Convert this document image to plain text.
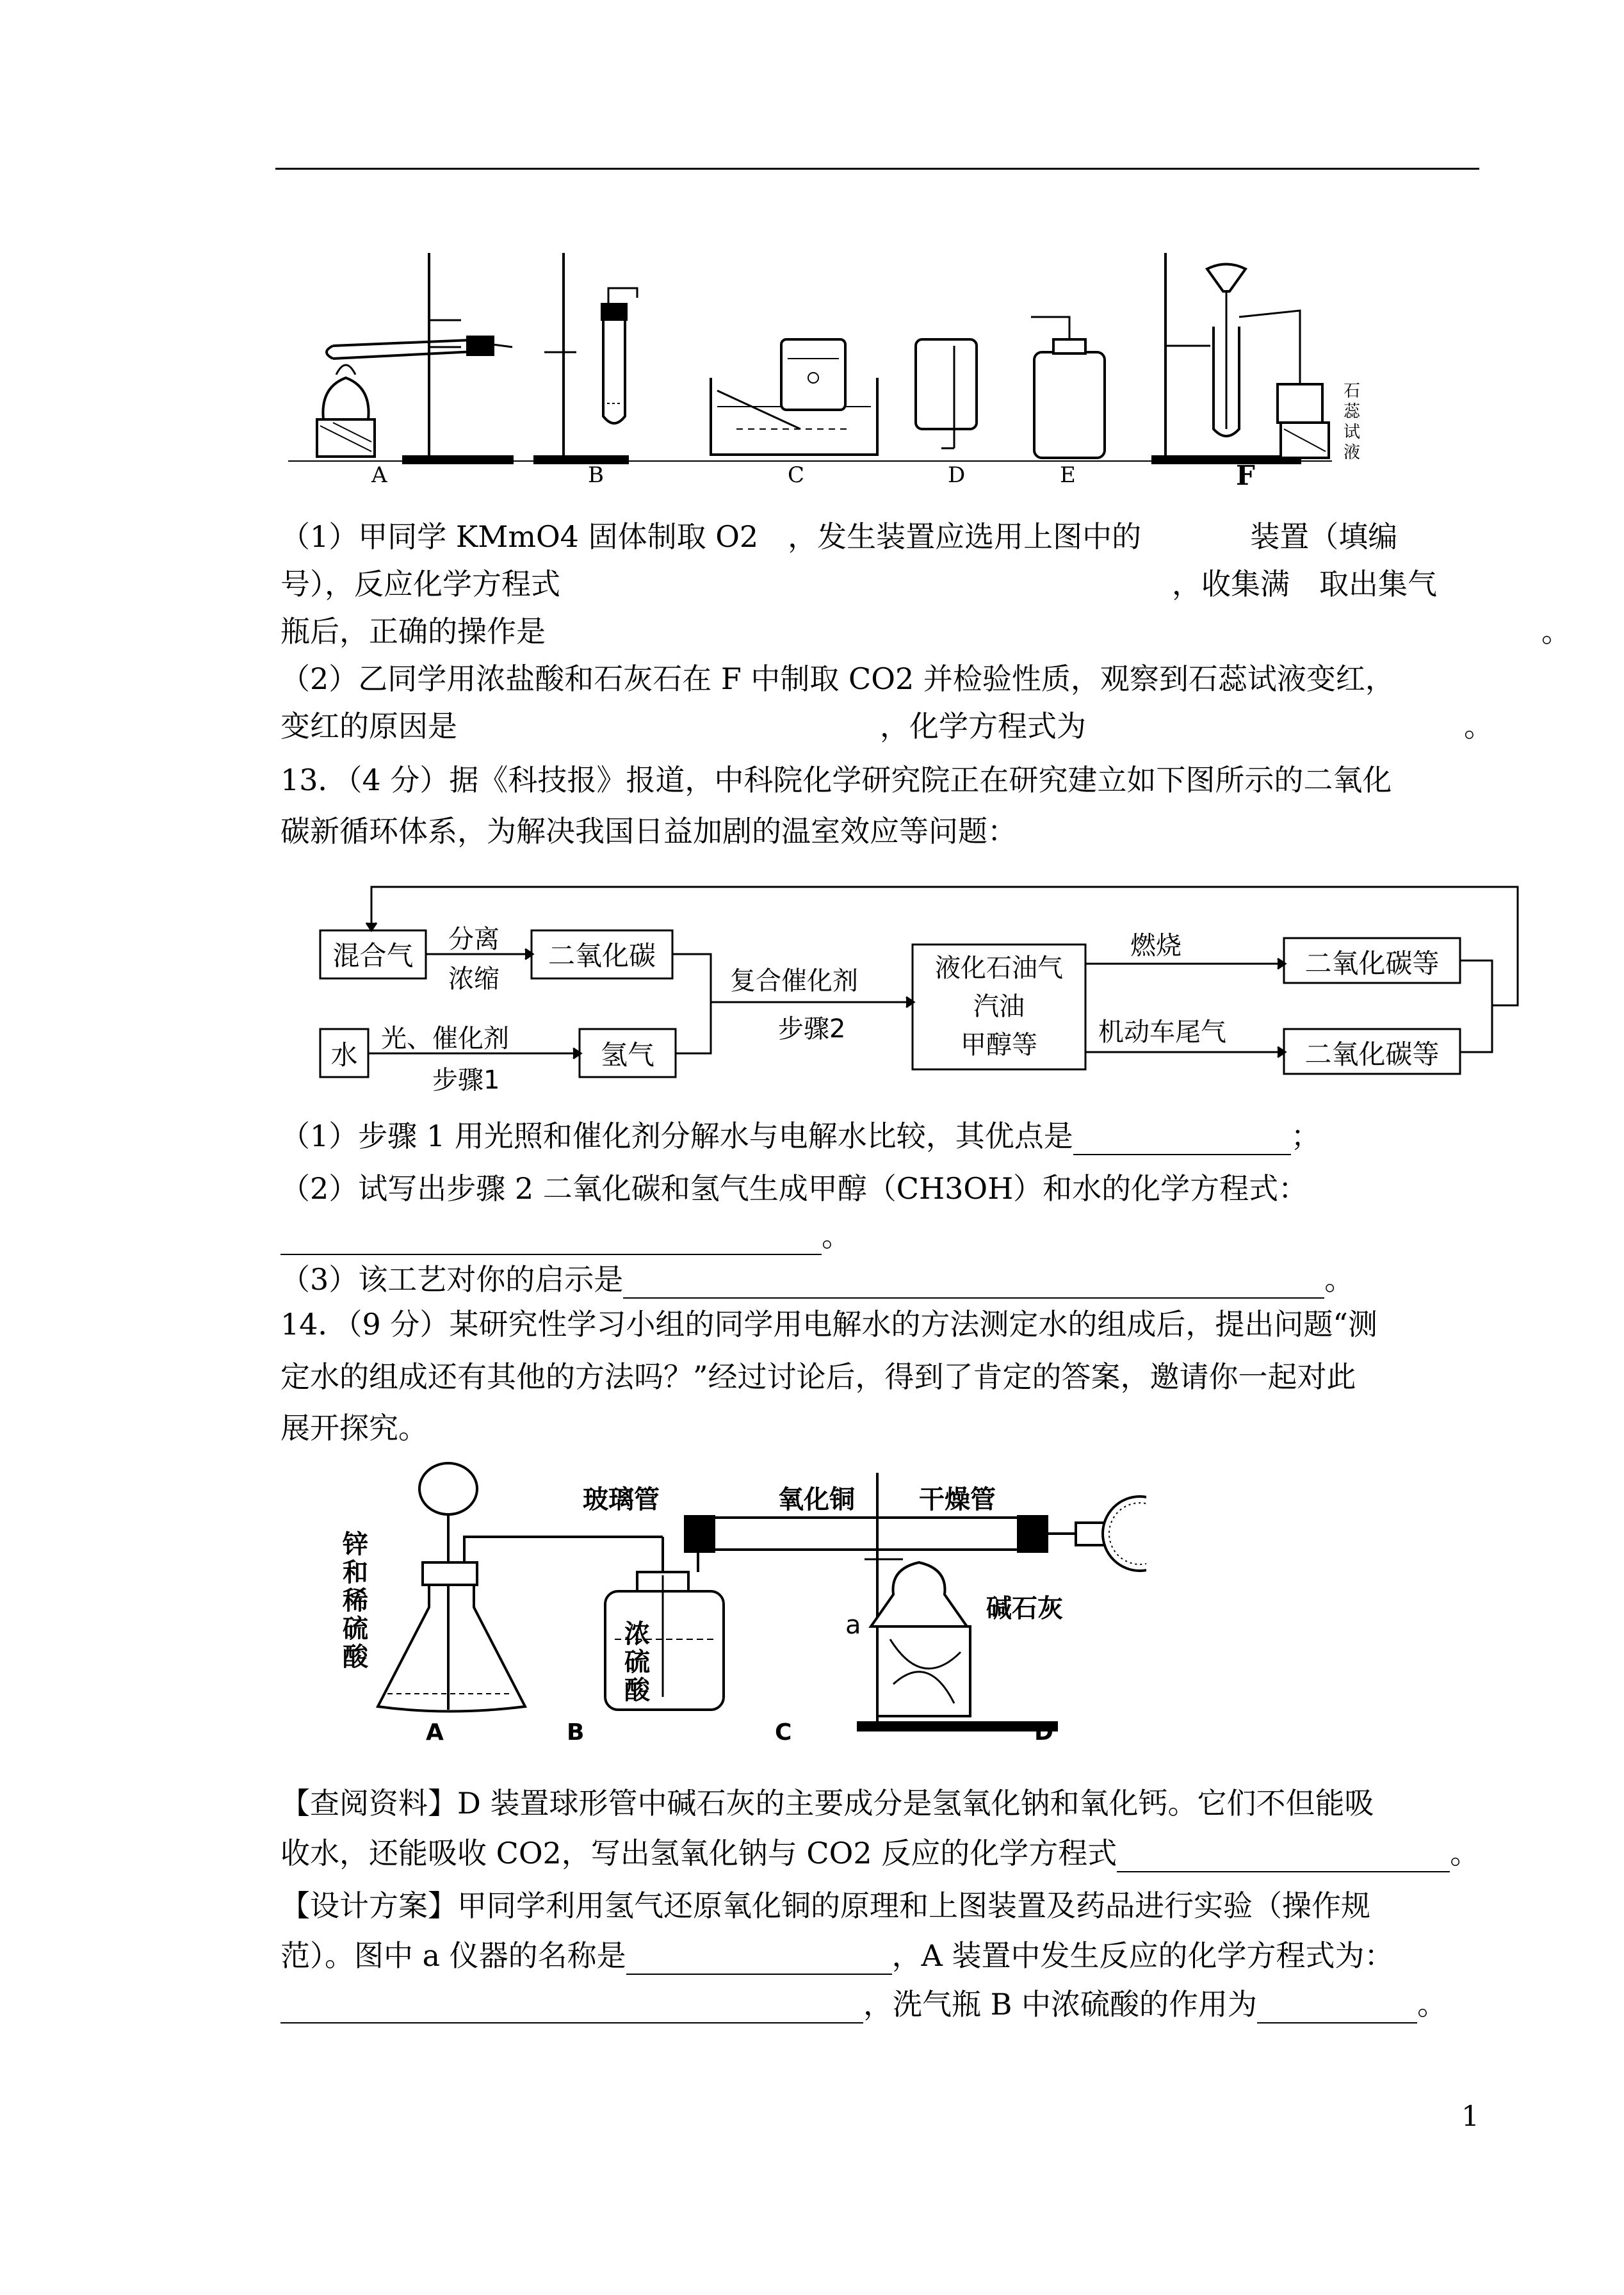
石蕊试液
A	B	C	D	E	F
（1）甲同学 KMmO4 固体制取 O2　，发生装置应选用上图中的	装置（填编
号），反应化学方程式	，收集满　取出集气
瓶后，正确的操作是	。
（2）乙同学用浓盐酸和石灰石在 F 中制取 CO2 并检验性质，观察到石蕊试液变红，
变红的原因是	，化学方程式为	。
13．（4 分）据《科技报》报道，中科院化学研究院正在研究建立如下图所示的二氧化
碳新循环体系，为解决我国日益加剧的温室效应等问题：
混合气
分离
浓缩
二氧化碳
水
光、催化剂
步骤1
氢气
复合催化剂
步骤2
液化石油气
汽油
甲醇等
燃烧
机动车尾气
二氧化碳等
二氧化碳等
（1）步骤 1 用光照和催化剂分解水与电解水比较，其优点是	；
（2）试写出步骤 2 二氧化碳和氢气生成甲醇（CH3OH）和水的化学方程式：
。
（3）该工艺对你的启示是	。
14．（9 分）某研究性学习小组的同学用电解水的方法测定水的组成后，提出问题“测
定水的组成还有其他的方法吗？”经过讨论后，得到了肯定的答案，邀请你一起对此
展开探究。
玻璃管	氧化铜	干燥管
碱石灰
a
锌
和
稀
硫
酸
浓
硫
酸
A	B	C	D
【查阅资料】D 装置球形管中碱石灰的主要成分是氢氧化钠和氧化钙。它们不但能吸
收水，还能吸收 CO2，写出氢氧化钠与 CO2 反应的化学方程式	。
【设计方案】甲同学利用氢气还原氧化铜的原理和上图装置及药品进行实验（操作规
范）。图中 a 仪器的名称是	，A 装置中发生反应的化学方程式为：
，洗气瓶 B 中浓硫酸的作用为	。
1
